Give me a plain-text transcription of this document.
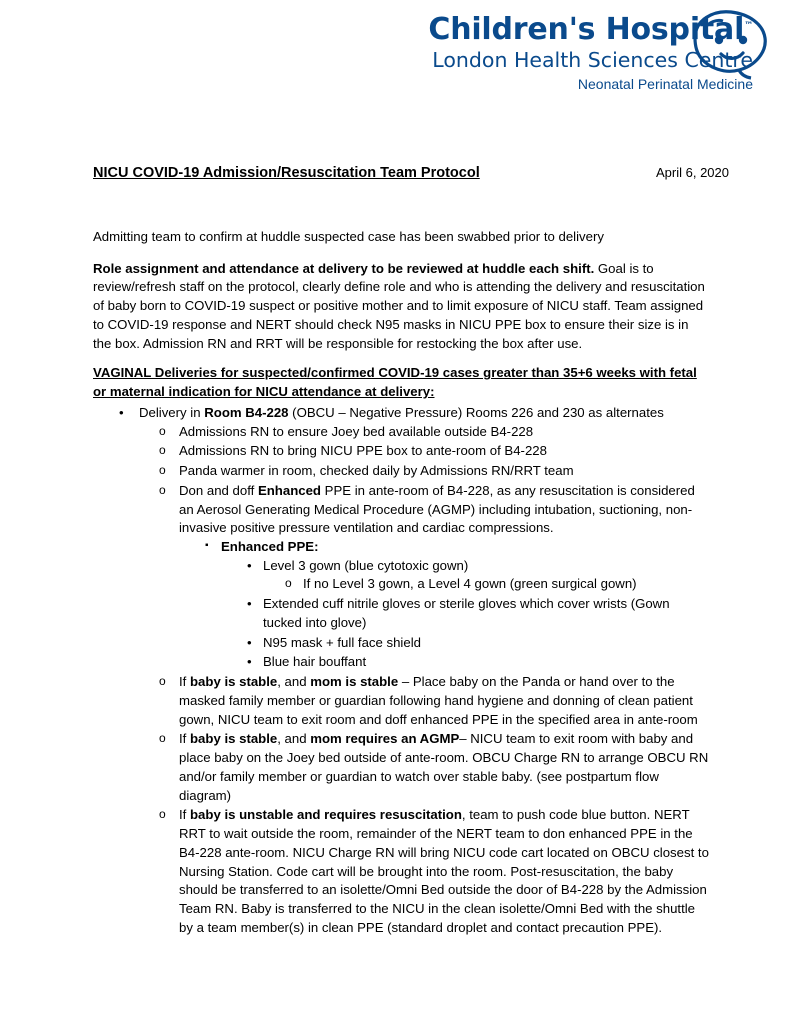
Children's Hospital™
London Health Sciences Centre
Neonatal Perinatal Medicine
NICU COVID-19 Admission/Resuscitation Team Protocol	April 6, 2020

Admitting team to confirm at huddle suspected case has been swabbed prior to delivery

Role assignment and attendance at delivery to be reviewed at huddle each shift. Goal is to review/refresh staff on the protocol, clearly define role and who is attending the delivery and resuscitation of baby born to COVID-19 suspect or positive mother and to limit exposure of NICU staff. Team assigned to COVID-19 response and NERT should check N95 masks in NICU PPE box to ensure their size is in the box. Admission RN and RRT will be responsible for restocking the box after use.

VAGINAL Deliveries for suspected/confirmed COVID-19 cases greater than 35+6 weeks with fetal or maternal indication for NICU attendance at delivery:

• Delivery in Room B4-228 (OBCU – Negative Pressure) Rooms 226 and 230 as alternates
o Admissions RN to ensure Joey bed available outside B4-228
o Admissions RN to bring NICU PPE box to ante-room of B4-228
o Panda warmer in room, checked daily by Admissions RN/RRT team
o Don and doff Enhanced PPE in ante-room of B4-228, as any resuscitation is considered an Aerosol Generating Medical Procedure (AGMP) including intubation, suctioning, non-invasive positive pressure ventilation and cardiac compressions.
▪ Enhanced PPE:
• Level 3 gown (blue cytotoxic gown)
o If no Level 3 gown, a Level 4 gown (green surgical gown)
• Extended cuff nitrile gloves or sterile gloves which cover wrists (Gown tucked into glove)
• N95 mask + full face shield
• Blue hair bouffant
o If baby is stable, and mom is stable – Place baby on the Panda or hand over to the masked family member or guardian following hand hygiene and donning of clean patient gown, NICU team to exit room and doff enhanced PPE in the specified area in ante-room
o If baby is stable, and mom requires an AGMP– NICU team to exit room with baby and place baby on the Joey bed outside of ante-room. OBCU Charge RN to arrange OBCU RN and/or family member or guardian to watch over stable baby. (see postpartum flow diagram)
o If baby is unstable and requires resuscitation, team to push code blue button. NERT RRT to wait outside the room, remainder of the NERT team to don enhanced PPE in the B4-228 ante-room. NICU Charge RN will bring NICU code cart located on OBCU closest to Nursing Station. Code cart will be brought into the room. Post-resuscitation, the baby should be transferred to an isolette/Omni Bed outside the door of B4-228 by the Admission Team RN. Baby is transferred to the NICU in the clean isolette/Omni Bed with the shuttle by a team member(s) in clean PPE (standard droplet and contact precaution PPE).
